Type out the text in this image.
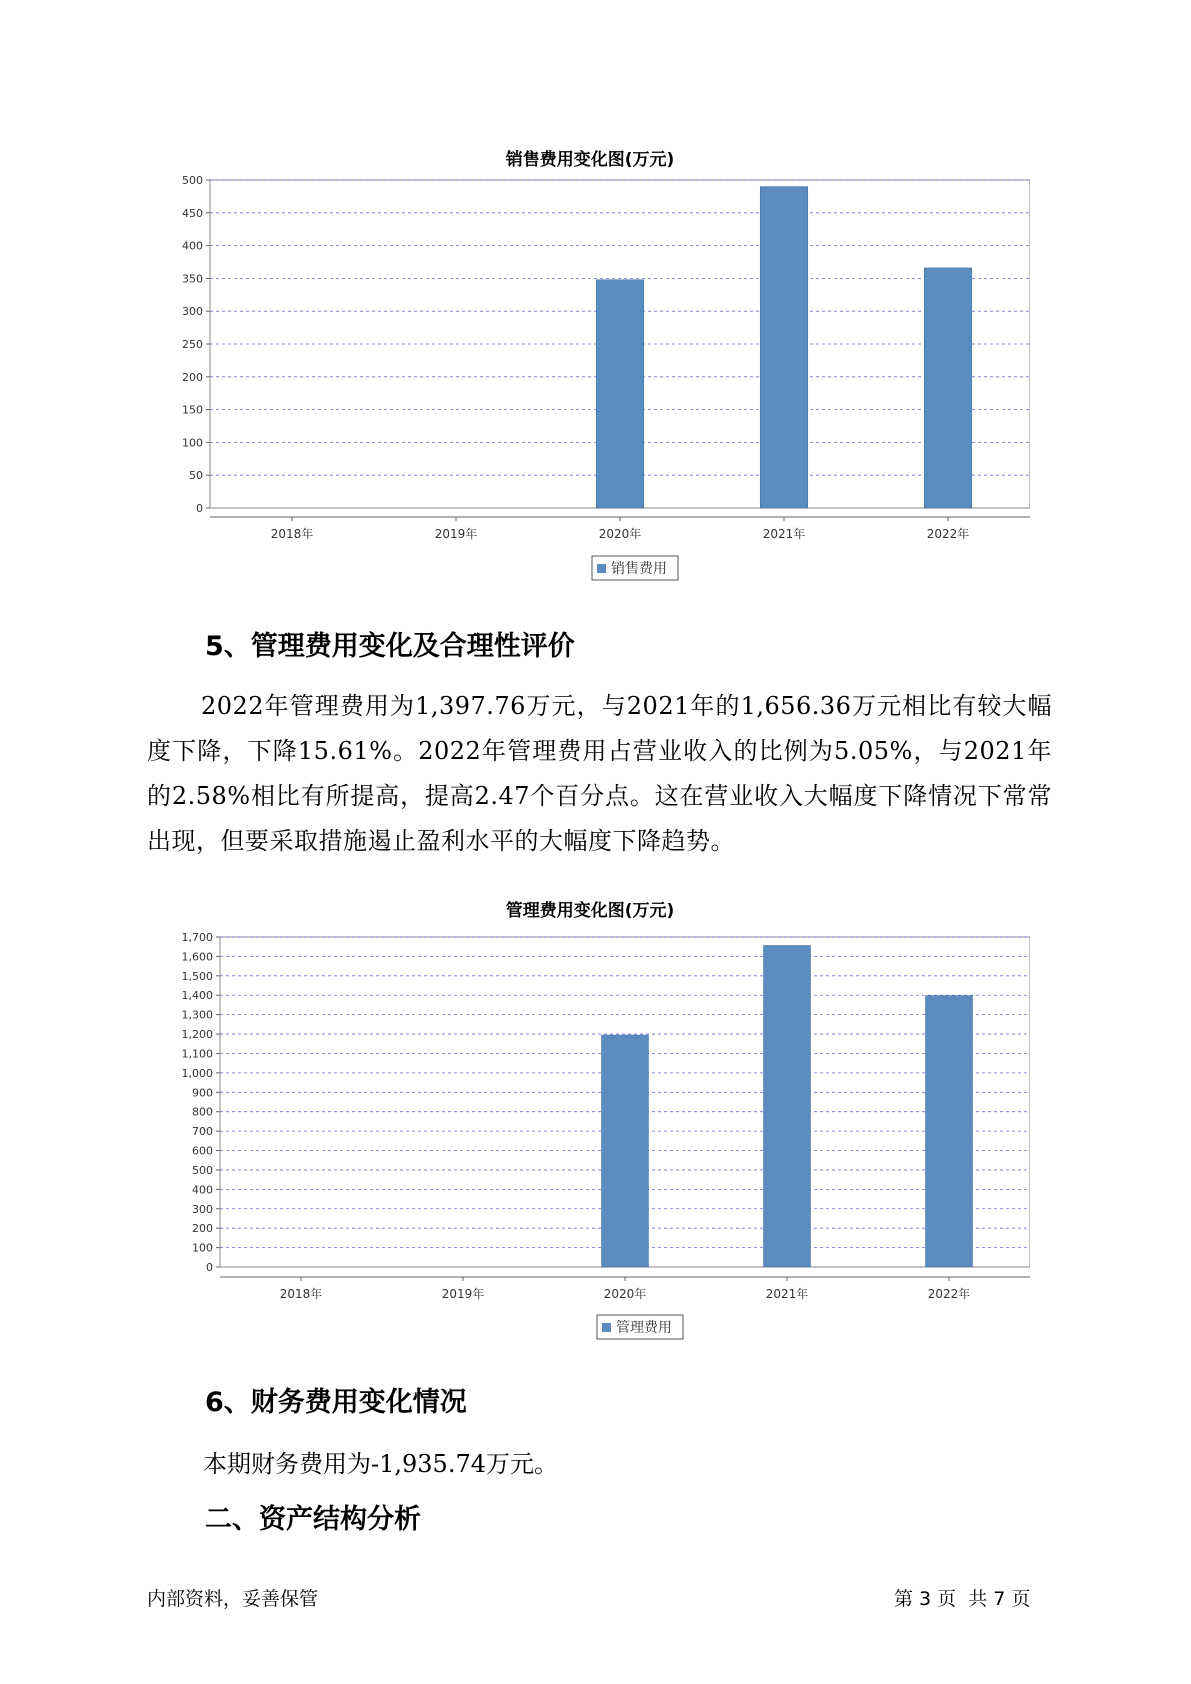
销售费用变化图(万元)
0
50
100
150
200
250
300
350
400
450
500
2018年	2019年	2020年	2021年	2022年
销售费用
5、管理费用变化及合理性评价
2022年管理费用为1,397.76万元，与2021年的1,656.36万元相比有较大幅度下降，下降15.61%。2022年管理费用占营业收入的比例为5.05%，与2021年的2.58%相比有所提高，提高2.47个百分点。这在营业收入大幅度下降情况下常常出现，但要采取措施遏止盈利水平的大幅度下降趋势。
管理费用变化图(万元)
0
100
200
300
400
500
600
700
800
900
1,000
1,100
1,200
1,300
1,400
1,500
1,600
1,700
2018年	2019年	2020年	2021年	2022年
管理费用
6、财务费用变化情况
本期财务费用为-1,935.74万元。
二、资产结构分析
内部资料，妥善保管	第 3 页  共 7 页
